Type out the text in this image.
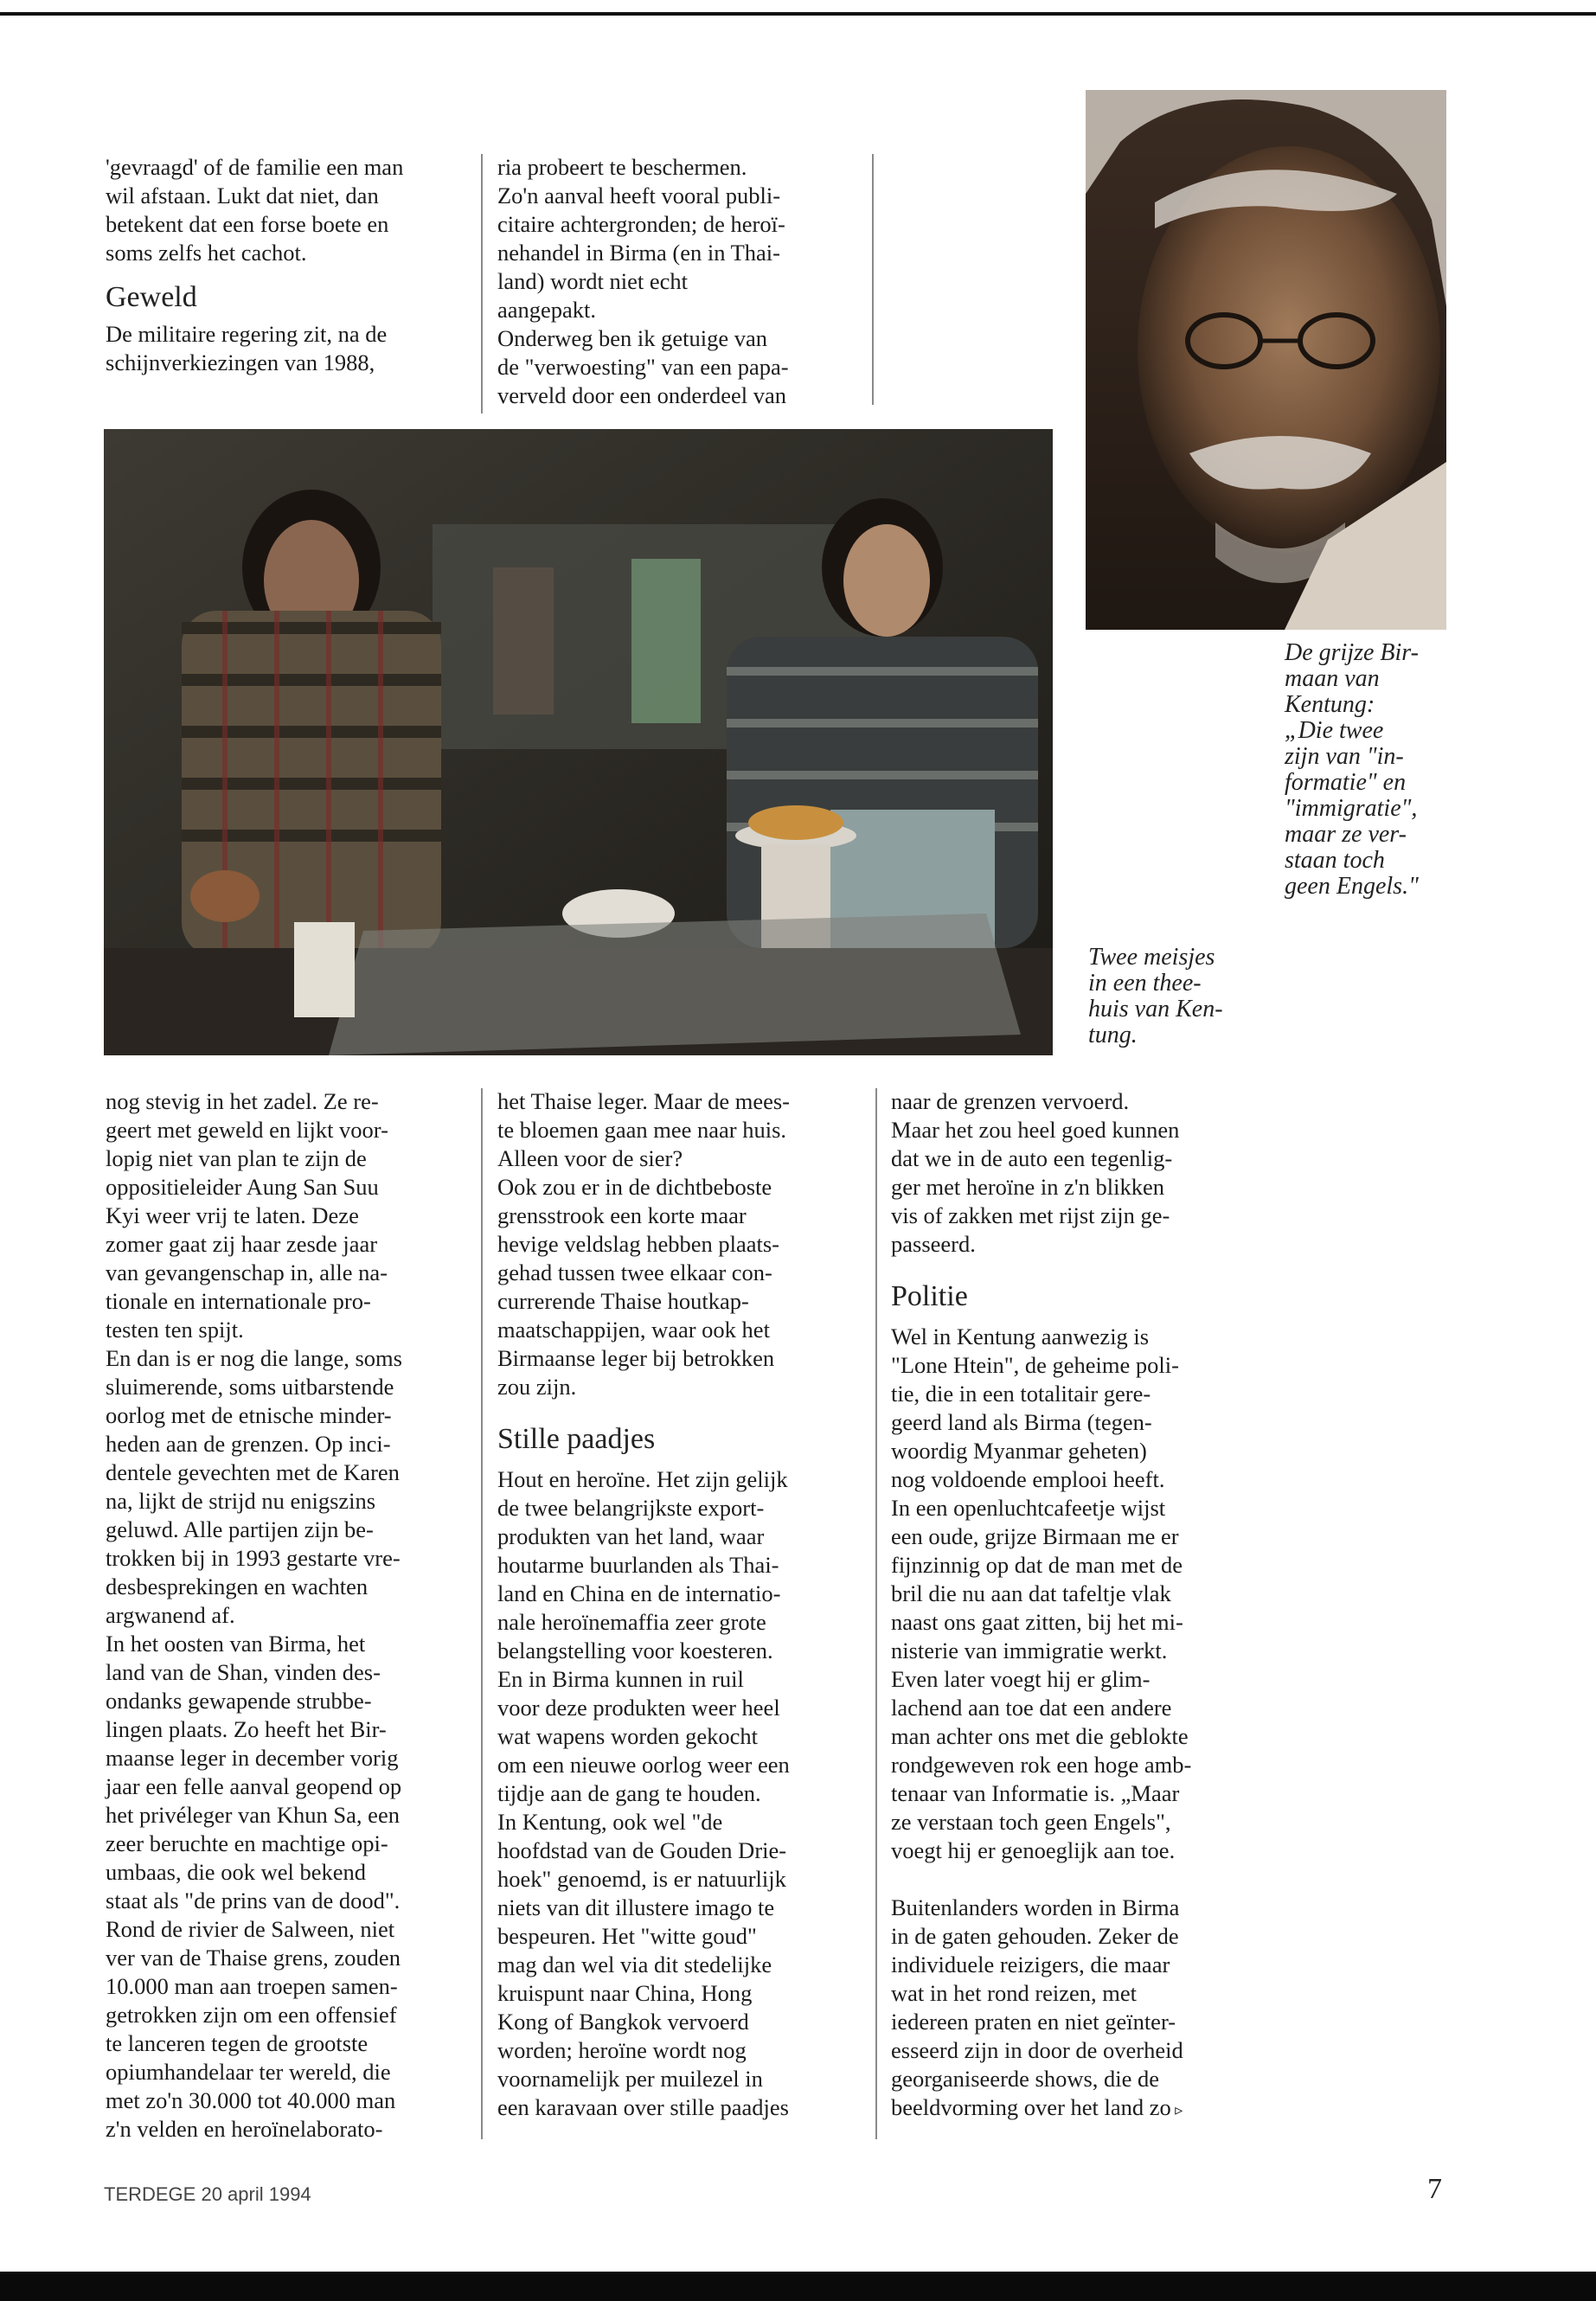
'gevraagd' of de familie een man
wil afstaan. Lukt dat niet, dan
betekent dat een forse boete en
soms zelfs het cachot.
Geweld
De militaire regering zit, na de
schijnverkiezingen van 1988,
ria probeert te beschermen.
Zo'n aanval heeft vooral publi-
citaire achtergronden; de heroï-
nehandel in Birma (en in Thai-
land) wordt niet echt
aangepakt.
Onderweg ben ik getuige van
de "verwoesting" van een papa-
verveld door een onderdeel van
De grijze Bir-
maan van
Kentung:
„Die twee
zijn van "in-
formatie" en
"immigratie",
maar ze ver-
staan toch
geen Engels."
Twee meisjes
in een thee-
huis van Ken-
tung.
nog stevig in het zadel. Ze re-
geert met geweld en lijkt voor-
lopig niet van plan te zijn de
oppositieleider Aung San Suu
Kyi weer vrij te laten. Deze
zomer gaat zij haar zesde jaar
van gevangenschap in, alle na-
tionale en internationale pro-
testen ten spijt.
En dan is er nog die lange, soms
sluimerende, soms uitbarstende
oorlog met de etnische minder-
heden aan de grenzen. Op inci-
dentele gevechten met de Karen
na, lijkt de strijd nu enigszins
geluwd. Alle partijen zijn be-
trokken bij in 1993 gestarte vre-
desbesprekingen en wachten
argwanend af.
In het oosten van Birma, het
land van de Shan, vinden des-
ondanks gewapende strubbe-
lingen plaats. Zo heeft het Bir-
maanse leger in december vorig
jaar een felle aanval geopend op
het privéleger van Khun Sa, een
zeer beruchte en machtige opi-
umbaas, die ook wel bekend
staat als "de prins van de dood".
Rond de rivier de Salween, niet
ver van de Thaise grens, zouden
10.000 man aan troepen samen-
getrokken zijn om een offensief
te lanceren tegen de grootste
opiumhandelaar ter wereld, die
met zo'n 30.000 tot 40.000 man
z'n velden en heroïnelaborato-
het Thaise leger. Maar de mees-
te bloemen gaan mee naar huis.
Alleen voor de sier?
Ook zou er in de dichtbeboste
grensstrook een korte maar
hevige veldslag hebben plaats-
gehad tussen twee elkaar con-
currerende Thaise houtkap-
maatschappijen, waar ook het
Birmaanse leger bij betrokken
zou zijn.
Stille paadjes
Hout en heroïne. Het zijn gelijk
de twee belangrijkste export-
produkten van het land, waar
houtarme buurlanden als Thai-
land en China en de internatio-
nale heroïnemaffia zeer grote
belangstelling voor koesteren.
En in Birma kunnen in ruil
voor deze produkten weer heel
wat wapens worden gekocht
om een nieuwe oorlog weer een
tijdje aan de gang te houden.
In Kentung, ook wel "de
hoofdstad van de Gouden Drie-
hoek" genoemd, is er natuurlijk
niets van dit illustere imago te
bespeuren. Het "witte goud"
mag dan wel via dit stedelijke
kruispunt naar China, Hong
Kong of Bangkok vervoerd
worden; heroïne wordt nog
voornamelijk per muilezel in
een karavaan over stille paadjes
naar de grenzen vervoerd.
Maar het zou heel goed kunnen
dat we in de auto een tegenlig-
ger met heroïne in z'n blikken
vis of zakken met rijst zijn ge-
passeerd.
Politie
Wel in Kentung aanwezig is
"Lone Htein", de geheime poli-
tie, die in een totalitair gere-
geerd land als Birma (tegen-
woordig Myanmar geheten)
nog voldoende emplooi heeft.
In een openluchtcafeetje wijst
een oude, grijze Birmaan me er
fijnzinnig op dat de man met de
bril die nu aan dat tafeltje vlak
naast ons gaat zitten, bij het mi-
nisterie van immigratie werkt.
Even later voegt hij er glim-
lachend aan toe dat een andere
man achter ons met die geblokte
rondgeweven rok een hoge amb-
tenaar van Informatie is. „Maar
ze verstaan toch geen Engels",
voegt hij er genoeglijk aan toe.
Buitenlanders worden in Birma
in de gaten gehouden. Zeker de
individuele reizigers, die maar
wat in het rond reizen, met
iedereen praten en niet geïnter-
esseerd zijn in door de overheid
georganiseerde shows, die de
beeldvorming over het land zo ▹
TERDEGE 20 april 1994	7
